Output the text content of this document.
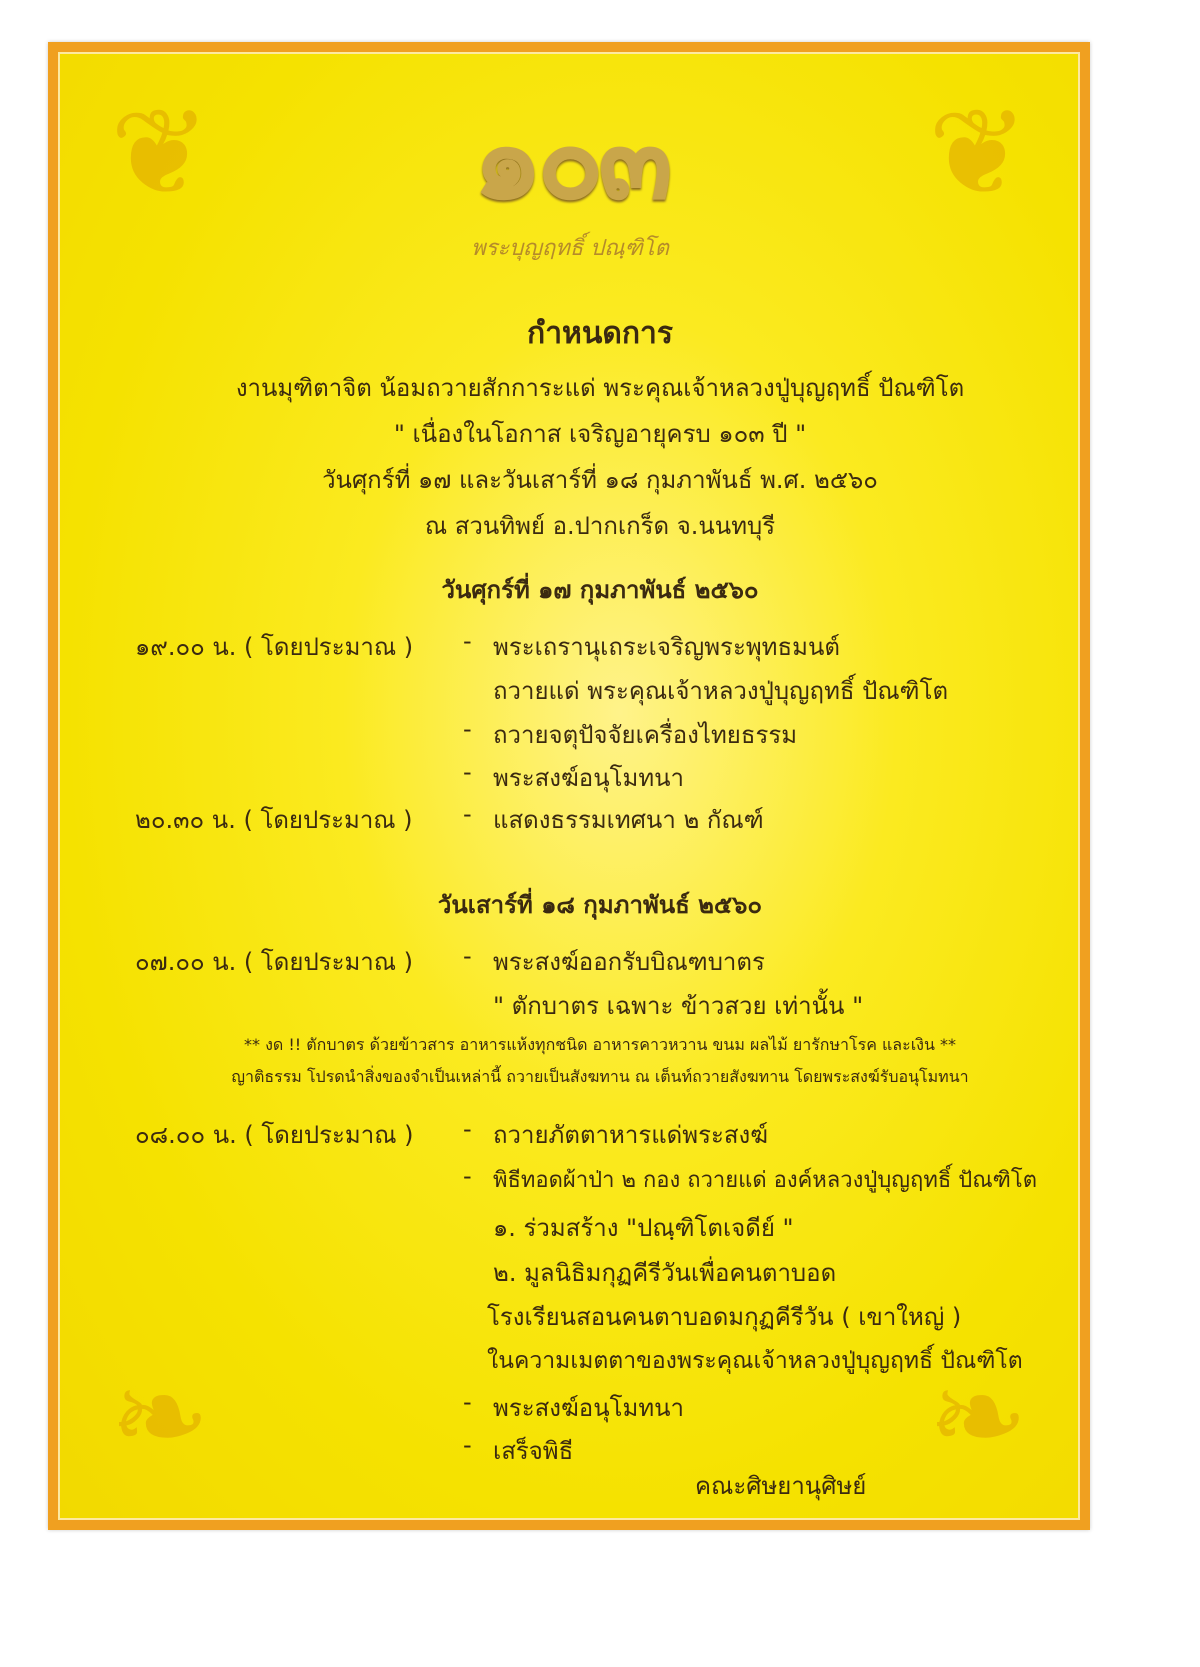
❦	❦
❧	❧
๑๐๓
พระบุญฤทธิ์ ปณฺฑิโต
กำหนดการ
งานมุฑิตาจิต น้อมถวายสักการะแด่ พระคุณเจ้าหลวงปู่บุญฤทธิ์ ปัณฑิโต
" เนื่องในโอกาส เจริญอายุครบ ๑๐๓ ปี "
วันศุกร์ที่ ๑๗ และวันเสาร์ที่ ๑๘ กุมภาพันธ์ พ.ศ. ๒๕๖๐
ณ สวนทิพย์ อ.ปากเกร็ด จ.นนทบุรี
วันศุกร์ที่ ๑๗ กุมภาพันธ์ ๒๕๖๐
๑๙.๐๐ น. ( โดยประมาณ ) - พระเถรานุเถระเจริญพระพุทธมนต์
ถวายแด่ พระคุณเจ้าหลวงปู่บุญฤทธิ์ ปัณฑิโต
- ถวายจตุปัจจัยเครื่องไทยธรรม
- พระสงฆ์อนุโมทนา
๒๐.๓๐ น. ( โดยประมาณ ) - แสดงธรรมเทศนา ๒ กัณฑ์
วันเสาร์ที่ ๑๘ กุมภาพันธ์ ๒๕๖๐
๐๗.๐๐ น. ( โดยประมาณ ) - พระสงฆ์ออกรับบิณฑบาตร
" ตักบาตร เฉพาะ ข้าวสวย เท่านั้น "
** งด !! ตักบาตร ด้วยข้าวสาร อาหารแห้งทุกชนิด อาหารคาวหวาน ขนม ผลไม้ ยารักษาโรค และเงิน **
ญาติธรรม โปรดนำสิ่งของจำเป็นเหล่านี้ ถวายเป็นสังฆทาน ณ เต็นท์ถวายสังฆทาน โดยพระสงฆ์รับอนุโมทนา
๐๘.๐๐ น. ( โดยประมาณ ) - ถวายภัตตาหารแด่พระสงฆ์
- พิธีทอดผ้าป่า ๒ กอง ถวายแด่ องค์หลวงปู่บุญฤทธิ์ ปัณฑิโต
๑. ร่วมสร้าง "ปณฺฑิโตเจดีย์ "
๒. มูลนิธิมกุฏคีรีวันเพื่อคนตาบอด
โรงเรียนสอนคนตาบอดมกุฏคีรีวัน ( เขาใหญ่ )
ในความเมตตาของพระคุณเจ้าหลวงปู่บุญฤทธิ์ ปัณฑิโต
- พระสงฆ์อนุโมทนา
- เสร็จพิธี
คณะศิษยานุศิษย์
